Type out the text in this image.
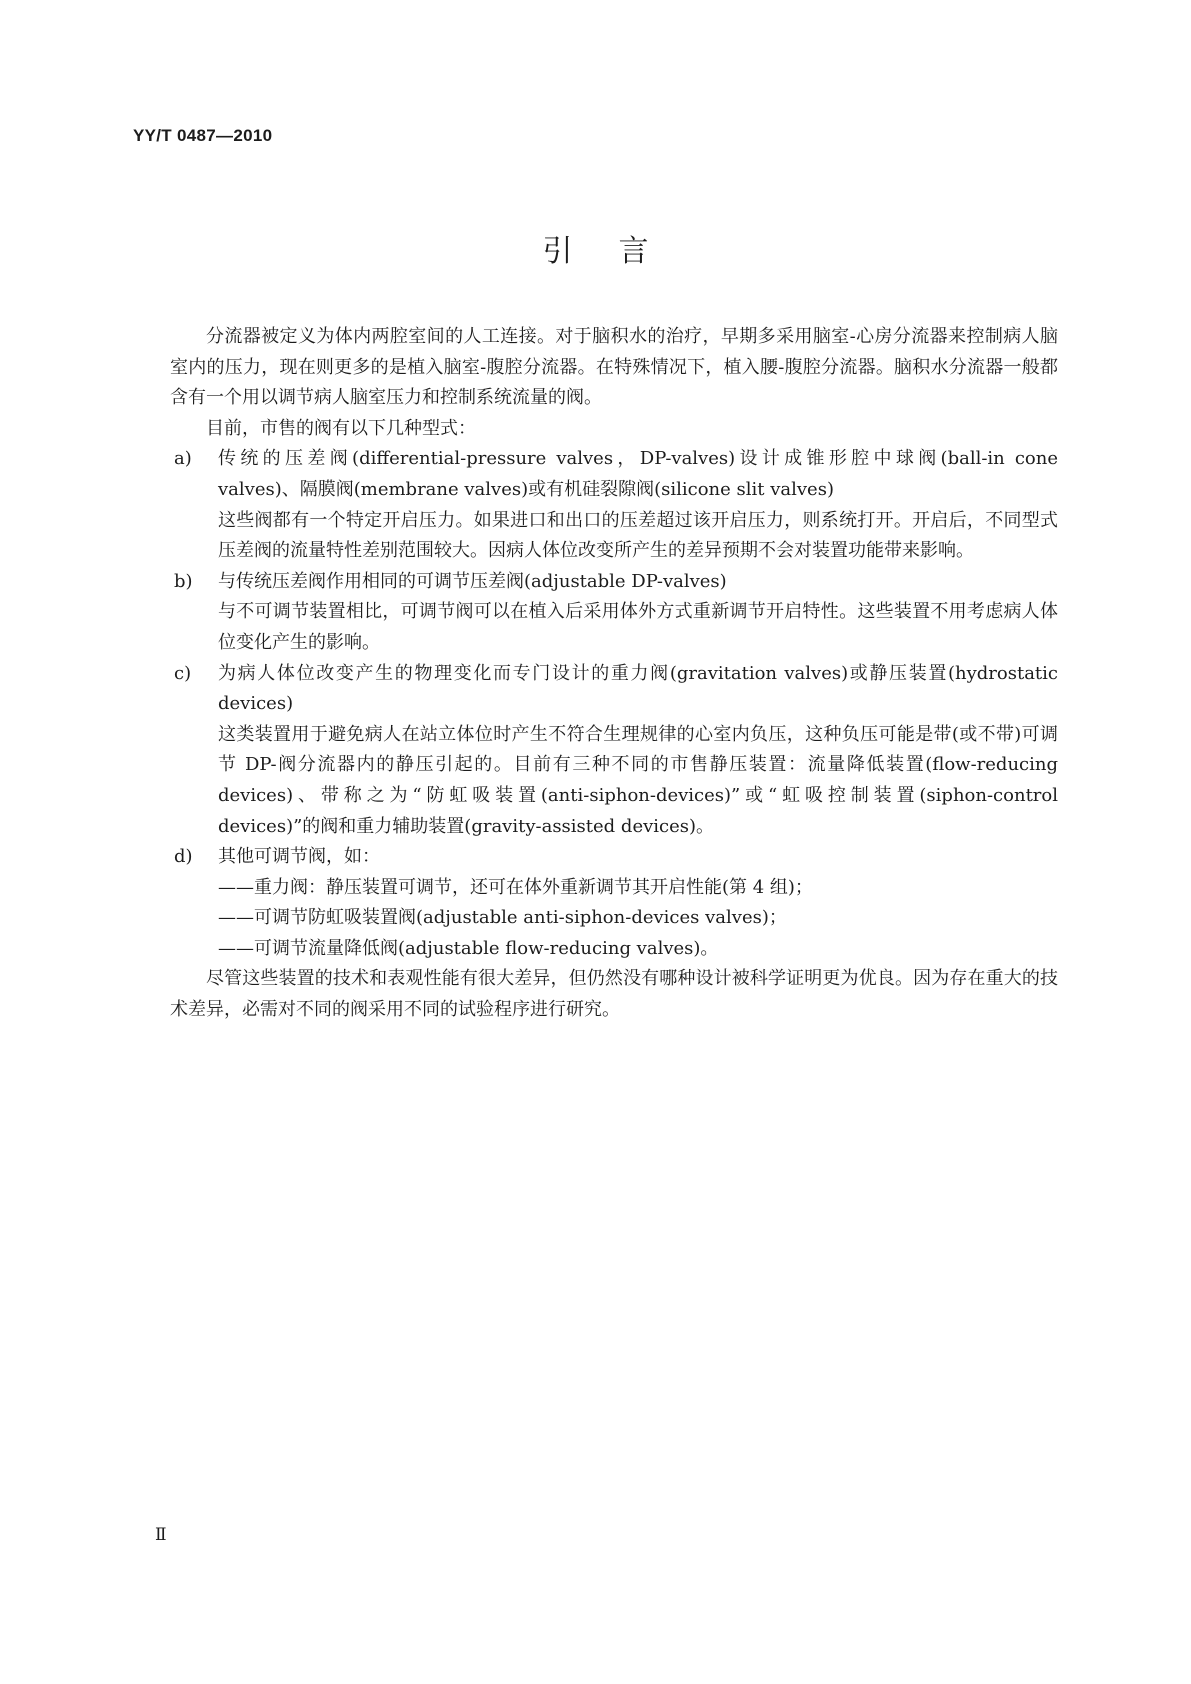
YY/T 0487—2010
引言

分流器被定义为体内两腔室间的人工连接。对于脑积水的治疗，早期多采用脑室-心房分流器来控制病人脑室内的压力，现在则更多的是植入脑室-腹腔分流器。在特殊情况下，植入腰-腹腔分流器。脑积水分流器一般都含有一个用以调节病人脑室压力和控制系统流量的阀。

目前，市售的阀有以下几种型式：

a)	传统的压差阀(differential-pressure valves，DP-valves)设计成锥形腔中球阀(ball-in cone valves)、隔膜阀(membrane valves)或有机硅裂隙阀(silicone slit valves)
这些阀都有一个特定开启压力。如果进口和出口的压差超过该开启压力，则系统打开。开启后，不同型式压差阀的流量特性差别范围较大。因病人体位改变所产生的差异预期不会对装置功能带来影响。
b)	与传统压差阀作用相同的可调节压差阀(adjustable DP-valves)
与不可调节装置相比，可调节阀可以在植入后采用体外方式重新调节开启特性。这些装置不用考虑病人体位变化产生的影响。
c)	为病人体位改变产生的物理变化而专门设计的重力阀(gravitation valves)或静压装置(hydrostatic devices)
这类装置用于避免病人在站立体位时产生不符合生理规律的心室内负压，这种负压可能是带(或不带)可调节 DP-阀分流器内的静压引起的。目前有三种不同的市售静压装置：流量降低装置(flow-reducing devices)、带称之为“防虹吸装置(anti-siphon-devices)”或“虹吸控制装置(siphon-control devices)”的阀和重力辅助装置(gravity-assisted devices)。
d)	其他可调节阀，如：
——重力阀：静压装置可调节，还可在体外重新调节其开启性能(第 4 组)；
——可调节防虹吸装置阀(adjustable anti-siphon-devices valves)；
——可调节流量降低阀(adjustable flow-reducing valves)。

尽管这些装置的技术和表观性能有很大差异，但仍然没有哪种设计被科学证明更为优良。因为存在重大的技术差异，必需对不同的阀采用不同的试验程序进行研究。

Ⅱ
